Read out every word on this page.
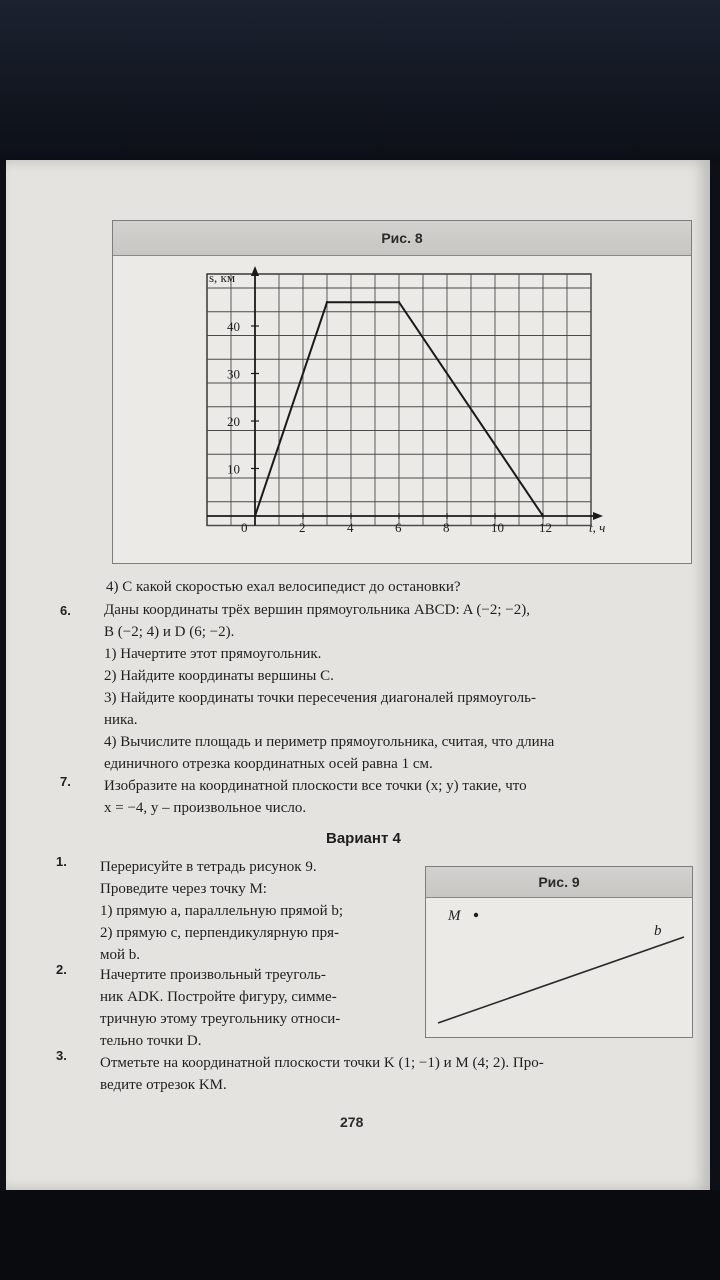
Рис. 8
0	2	4	6	8	10	12
10
20
30
40
s, км
t, ч
4) С какой скоростью ехал велосипедист до остановки?
6. Даны координаты трёх вершин прямоугольника ABCD: A (−2; −2),
B (−2; 4) и D (6; −2).
1) Начертите этот прямоугольник.
2) Найдите координаты вершины C.
3) Найдите координаты точки пересечения диагоналей прямоуголь-
ника.
4) Вычислите площадь и периметр прямоугольника, считая, что длина
единичного отрезка координатных осей равна 1 см.
7. Изобразите на координатной плоскости все точки (x; y) такие, что
x = −4, y – произвольное число.
Вариант 4
1. Перерисуйте в тетрадь рисунок 9.
Проведите через точку M:
1) прямую a, параллельную прямой b;
2) прямую c, перпендикулярную пря-
мой b.
2. Начертите произвольный треуголь-
ник ADK. Постройте фигуру, симме-
тричную этому треугольнику относи-
тельно точки D.
3. Отметьте на координатной плоскости точки K (1; −1) и M (4; 2). Про-
ведите отрезок KM.
Рис. 9
M
b
278
